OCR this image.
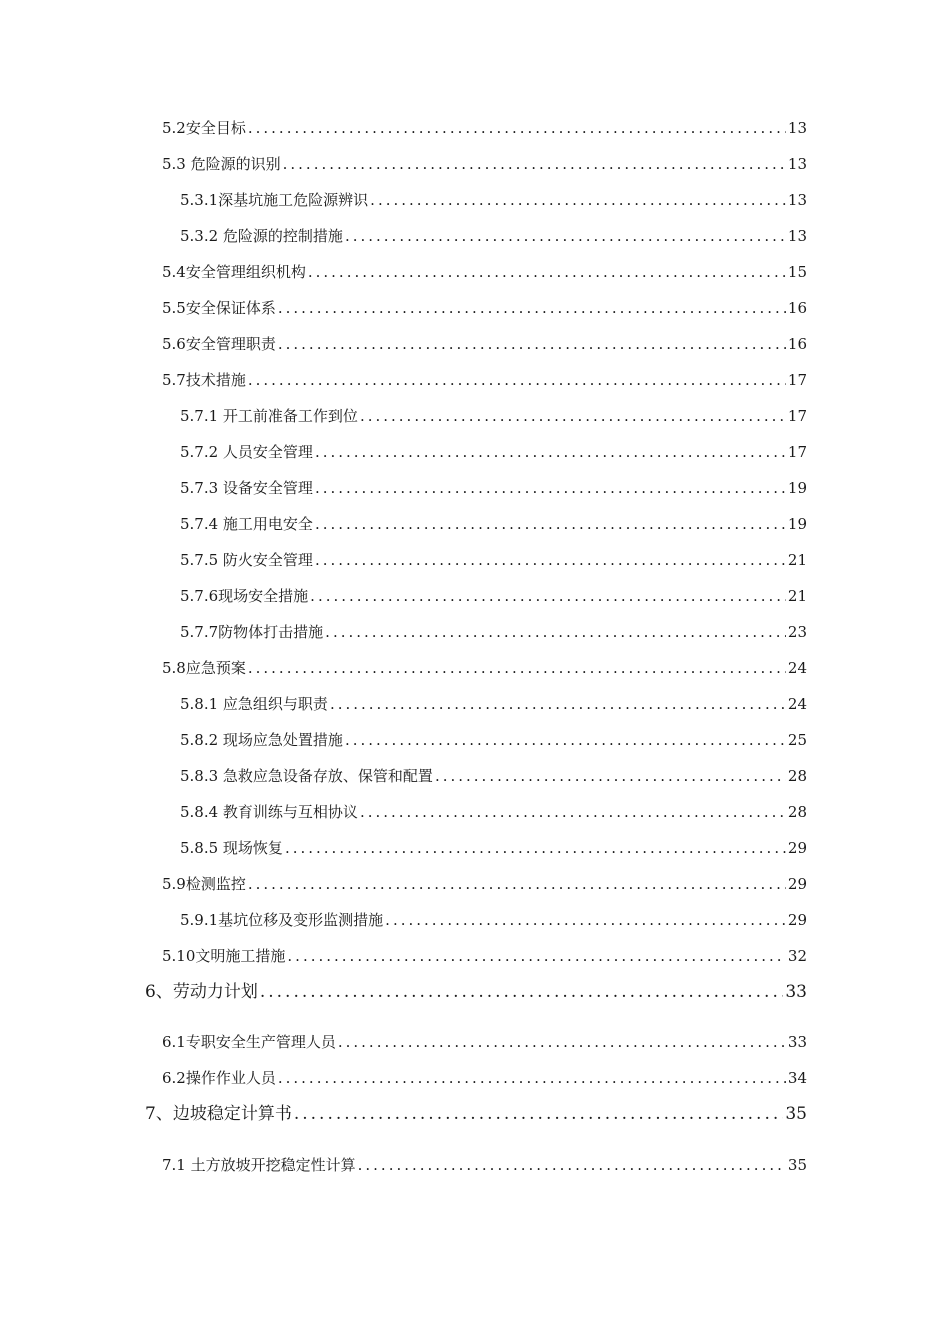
5.2安全目标 .....	13
5.3 危险源的识别 .....	13
5.3.1深基坑施工危险源辨识 .....	13
5.3.2 危险源的控制措施 .....	13
5.4安全管理组织机构 .....	15
5.5安全保证体系 .....	16
5.6安全管理职责 .....	16
5.7技术措施 .....	17
5.7.1 开工前准备工作到位 .....	17
5.7.2 人员安全管理 .....	17
5.7.3 设备安全管理 .....	19
5.7.4 施工用电安全 .....	19
5.7.5 防火安全管理 .....	21
5.7.6现场安全措施 .....	21
5.7.7防物体打击措施 .....	23
5.8应急预案 .....	24
5.8.1 应急组织与职责 .....	24
5.8.2 现场应急处置措施 .....	25
5.8.3 急救应急设备存放、保管和配置 .....	28
5.8.4 教育训练与互相协议 .....	28
5.8.5 现场恢复 .....	29
5.9检测监控 .....	29
5.9.1基坑位移及变形监测措施 .....	29
5.10文明施工措施 .....	32
6、劳动力计划 .....	33
6.1专职安全生产管理人员 .....	33
6.2操作作业人员 .....	34
7、边坡稳定计算书 .....	35
7.1 土方放坡开挖稳定性计算 .....	35
